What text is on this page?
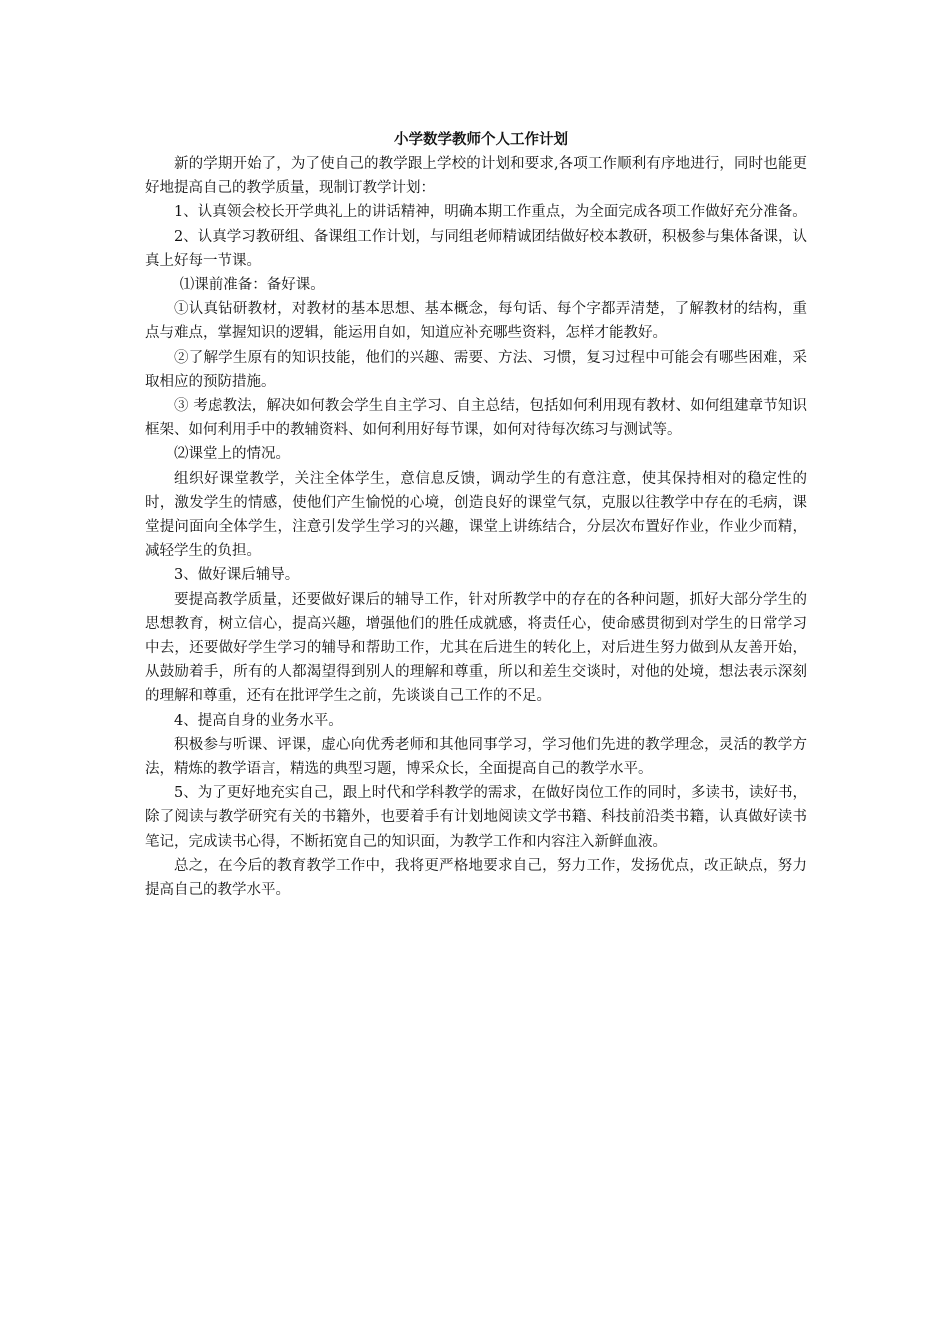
小学数学教师个人工作计划

新的学期开始了，为了使自己的教学跟上学校的计划和要求,各项工作顺利有序地进行，同时也能更好地提高自己的教学质量，现制订教学计划：

1、认真领会校长开学典礼上的讲话精神，明确本期工作重点，为全面完成各项工作做好充分准备。

2、认真学习教研组、备课组工作计划，与同组老师精诚团结做好校本教研，积极参与集体备课，认真上好每一节课。

⑴课前准备：备好课。

①认真钻研教材，对教材的基本思想、基本概念，每句话、每个字都弄清楚，了解教材的结构，重点与难点，掌握知识的逻辑，能运用自如，知道应补充哪些资料，怎样才能教好。

②了解学生原有的知识技能，他们的兴趣、需要、方法、习惯，复习过程中可能会有哪些困难，采取相应的预防措施。

③ 考虑教法，解决如何教会学生自主学习、自主总结，包括如何利用现有教材、如何组建章节知识框架、如何利用手中的教辅资料、如何利用好每节课，如何对待每次练习与测试等。

⑵课堂上的情况。

组织好课堂教学，关注全体学生，意信息反馈，调动学生的有意注意，使其保持相对的稳定性的时，激发学生的情感，使他们产生愉悦的心境，创造良好的课堂气氛，克服以往教学中存在的毛病，课堂提问面向全体学生，注意引发学生学习的兴趣，课堂上讲练结合，分层次布置好作业，作业少而精，减轻学生的负担。

3、做好课后辅导。

要提高教学质量，还要做好课后的辅导工作，针对所教学中的存在的各种问题，抓好大部分学生的思想教育，树立信心，提高兴趣，增强他们的胜任成就感，将责任心，使命感贯彻到对学生的日常学习中去，还要做好学生学习的辅导和帮助工作，尤其在后进生的转化上，对后进生努力做到从友善开始，从鼓励着手，所有的人都渴望得到别人的理解和尊重，所以和差生交谈时，对他的处境，想法表示深刻的理解和尊重，还有在批评学生之前，先谈谈自己工作的不足。

4、提高自身的业务水平。

积极参与听课、评课，虚心向优秀老师和其他同事学习，学习他们先进的教学理念，灵活的教学方法，精炼的教学语言，精选的典型习题，博采众长，全面提高自己的教学水平。

5、为了更好地充实自己，跟上时代和学科教学的需求，在做好岗位工作的同时，多读书，读好书，除了阅读与教学研究有关的书籍外，也要着手有计划地阅读文学书籍、科技前沿类书籍，认真做好读书笔记，完成读书心得，不断拓宽自己的知识面，为教学工作和内容注入新鲜血液。

总之，在今后的教育教学工作中，我将更严格地要求自己，努力工作，发扬优点，改正缺点，努力提高自己的教学水平。
